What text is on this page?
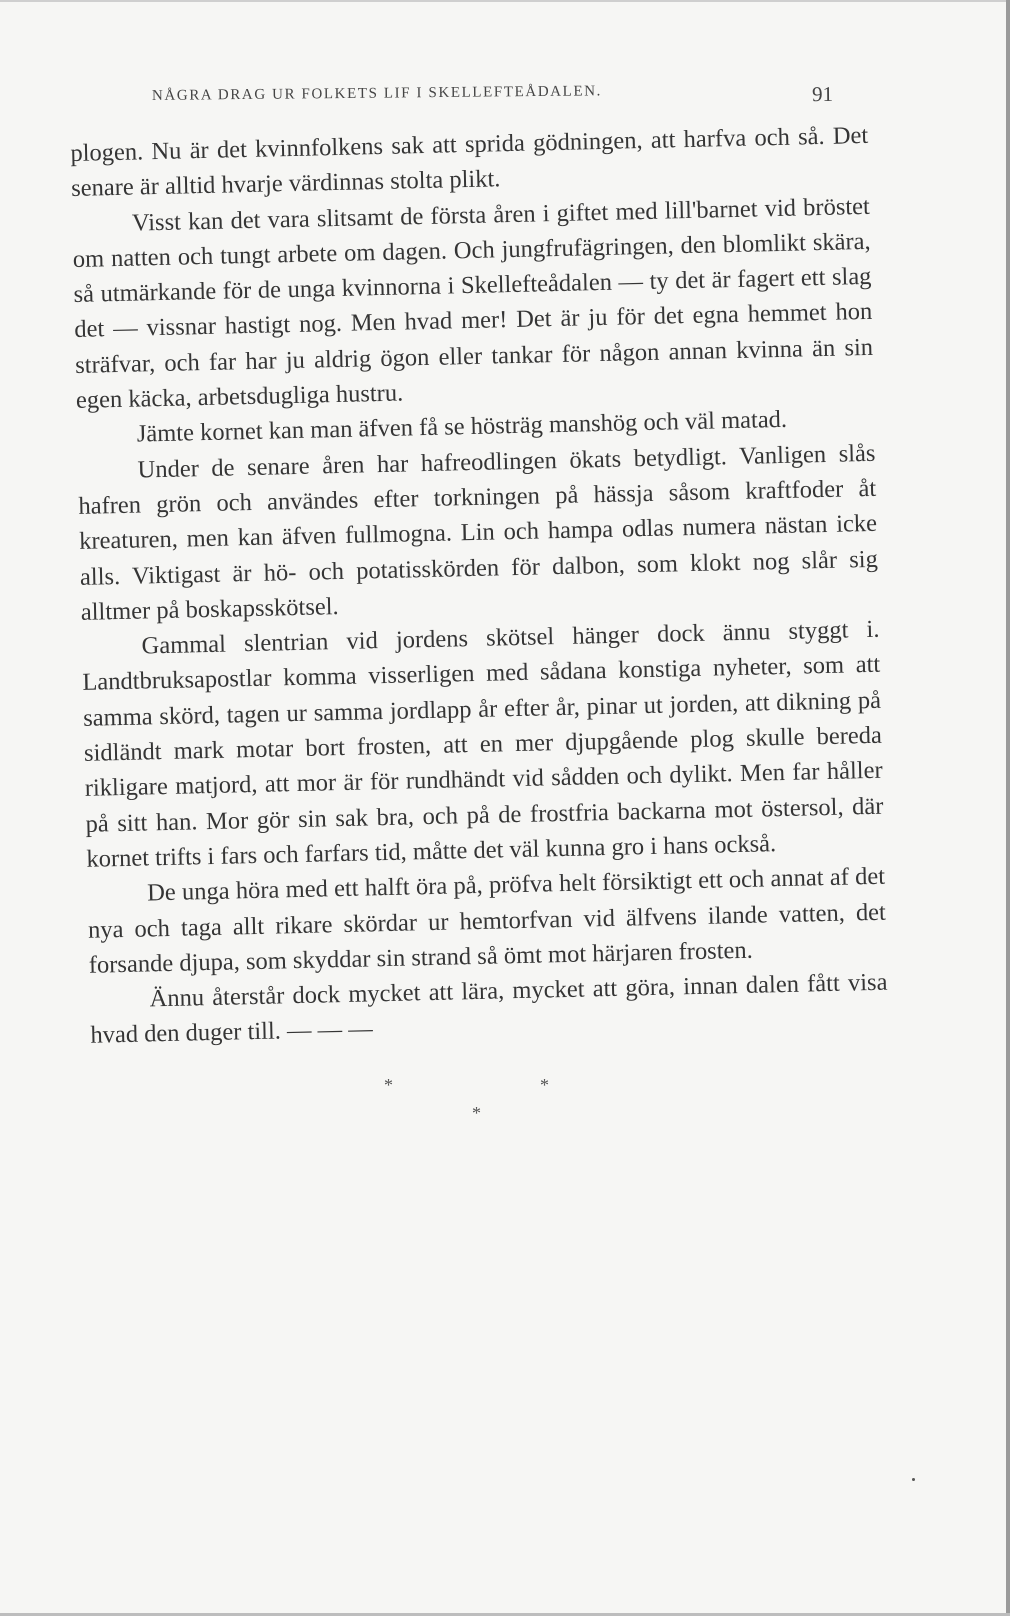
NÅGRA DRAG UR FOLKETS LIF I SKELLEFTEÅDALEN.	91

plogen. Nu är det kvinnfolkens sak att sprida gödningen, att harfva och så. Det senare är alltid hvarje värdinnas stolta plikt.

Visst kan det vara slitsamt de första åren i giftet med lill'barnet vid bröstet om natten och tungt arbete om dagen. Och jungfrufägringen, den blomlikt skära, så utmärkande för de unga kvinnorna i Skellefteådalen — ty det är fagert ett slag det — vissnar hastigt nog. Men hvad mer! Det är ju för det egna hemmet hon sträfvar, och far har ju aldrig ögon eller tankar för någon annan kvinna än sin egen käcka, arbetsdugliga hustru.

Jämte kornet kan man äfven få se hösträg manshög och väl matad.

Under de senare åren har hafreodlingen ökats betydligt. Vanligen slås hafren grön och användes efter torkningen på hässja såsom kraftfoder åt kreaturen, men kan äfven fullmogna. Lin och hampa odlas numera nästan icke alls. Viktigast är hö- och potatisskörden för dalbon, som klokt nog slår sig alltmer på boskapsskötsel.

Gammal slentrian vid jordens skötsel hänger dock ännu styggt i. Landtbruksapostlar komma visserligen med sådana konstiga nyheter, som att samma skörd, tagen ur samma jordlapp år efter år, pinar ut jorden, att dikning på sidländt mark motar bort frosten, att en mer djupgående plog skulle bereda rikligare matjord, att mor är för rundhändt vid sådden och dylikt. Men far håller på sitt han. Mor gör sin sak bra, och på de frostfria backarna mot östersol, där kornet trifts i fars och farfars tid, måtte det väl kunna gro i hans också.

De unga höra med ett halft öra på, pröfva helt försiktigt ett och annat af det nya och taga allt rikare skördar ur hemtorfvan vid älfvens ilande vatten, det forsande djupa, som skyddar sin strand så ömt mot härjaren frosten.

Ännu återstår dock mycket att lära, mycket att göra, innan dalen fått visa hvad den duger till. — — —

*	*
*
